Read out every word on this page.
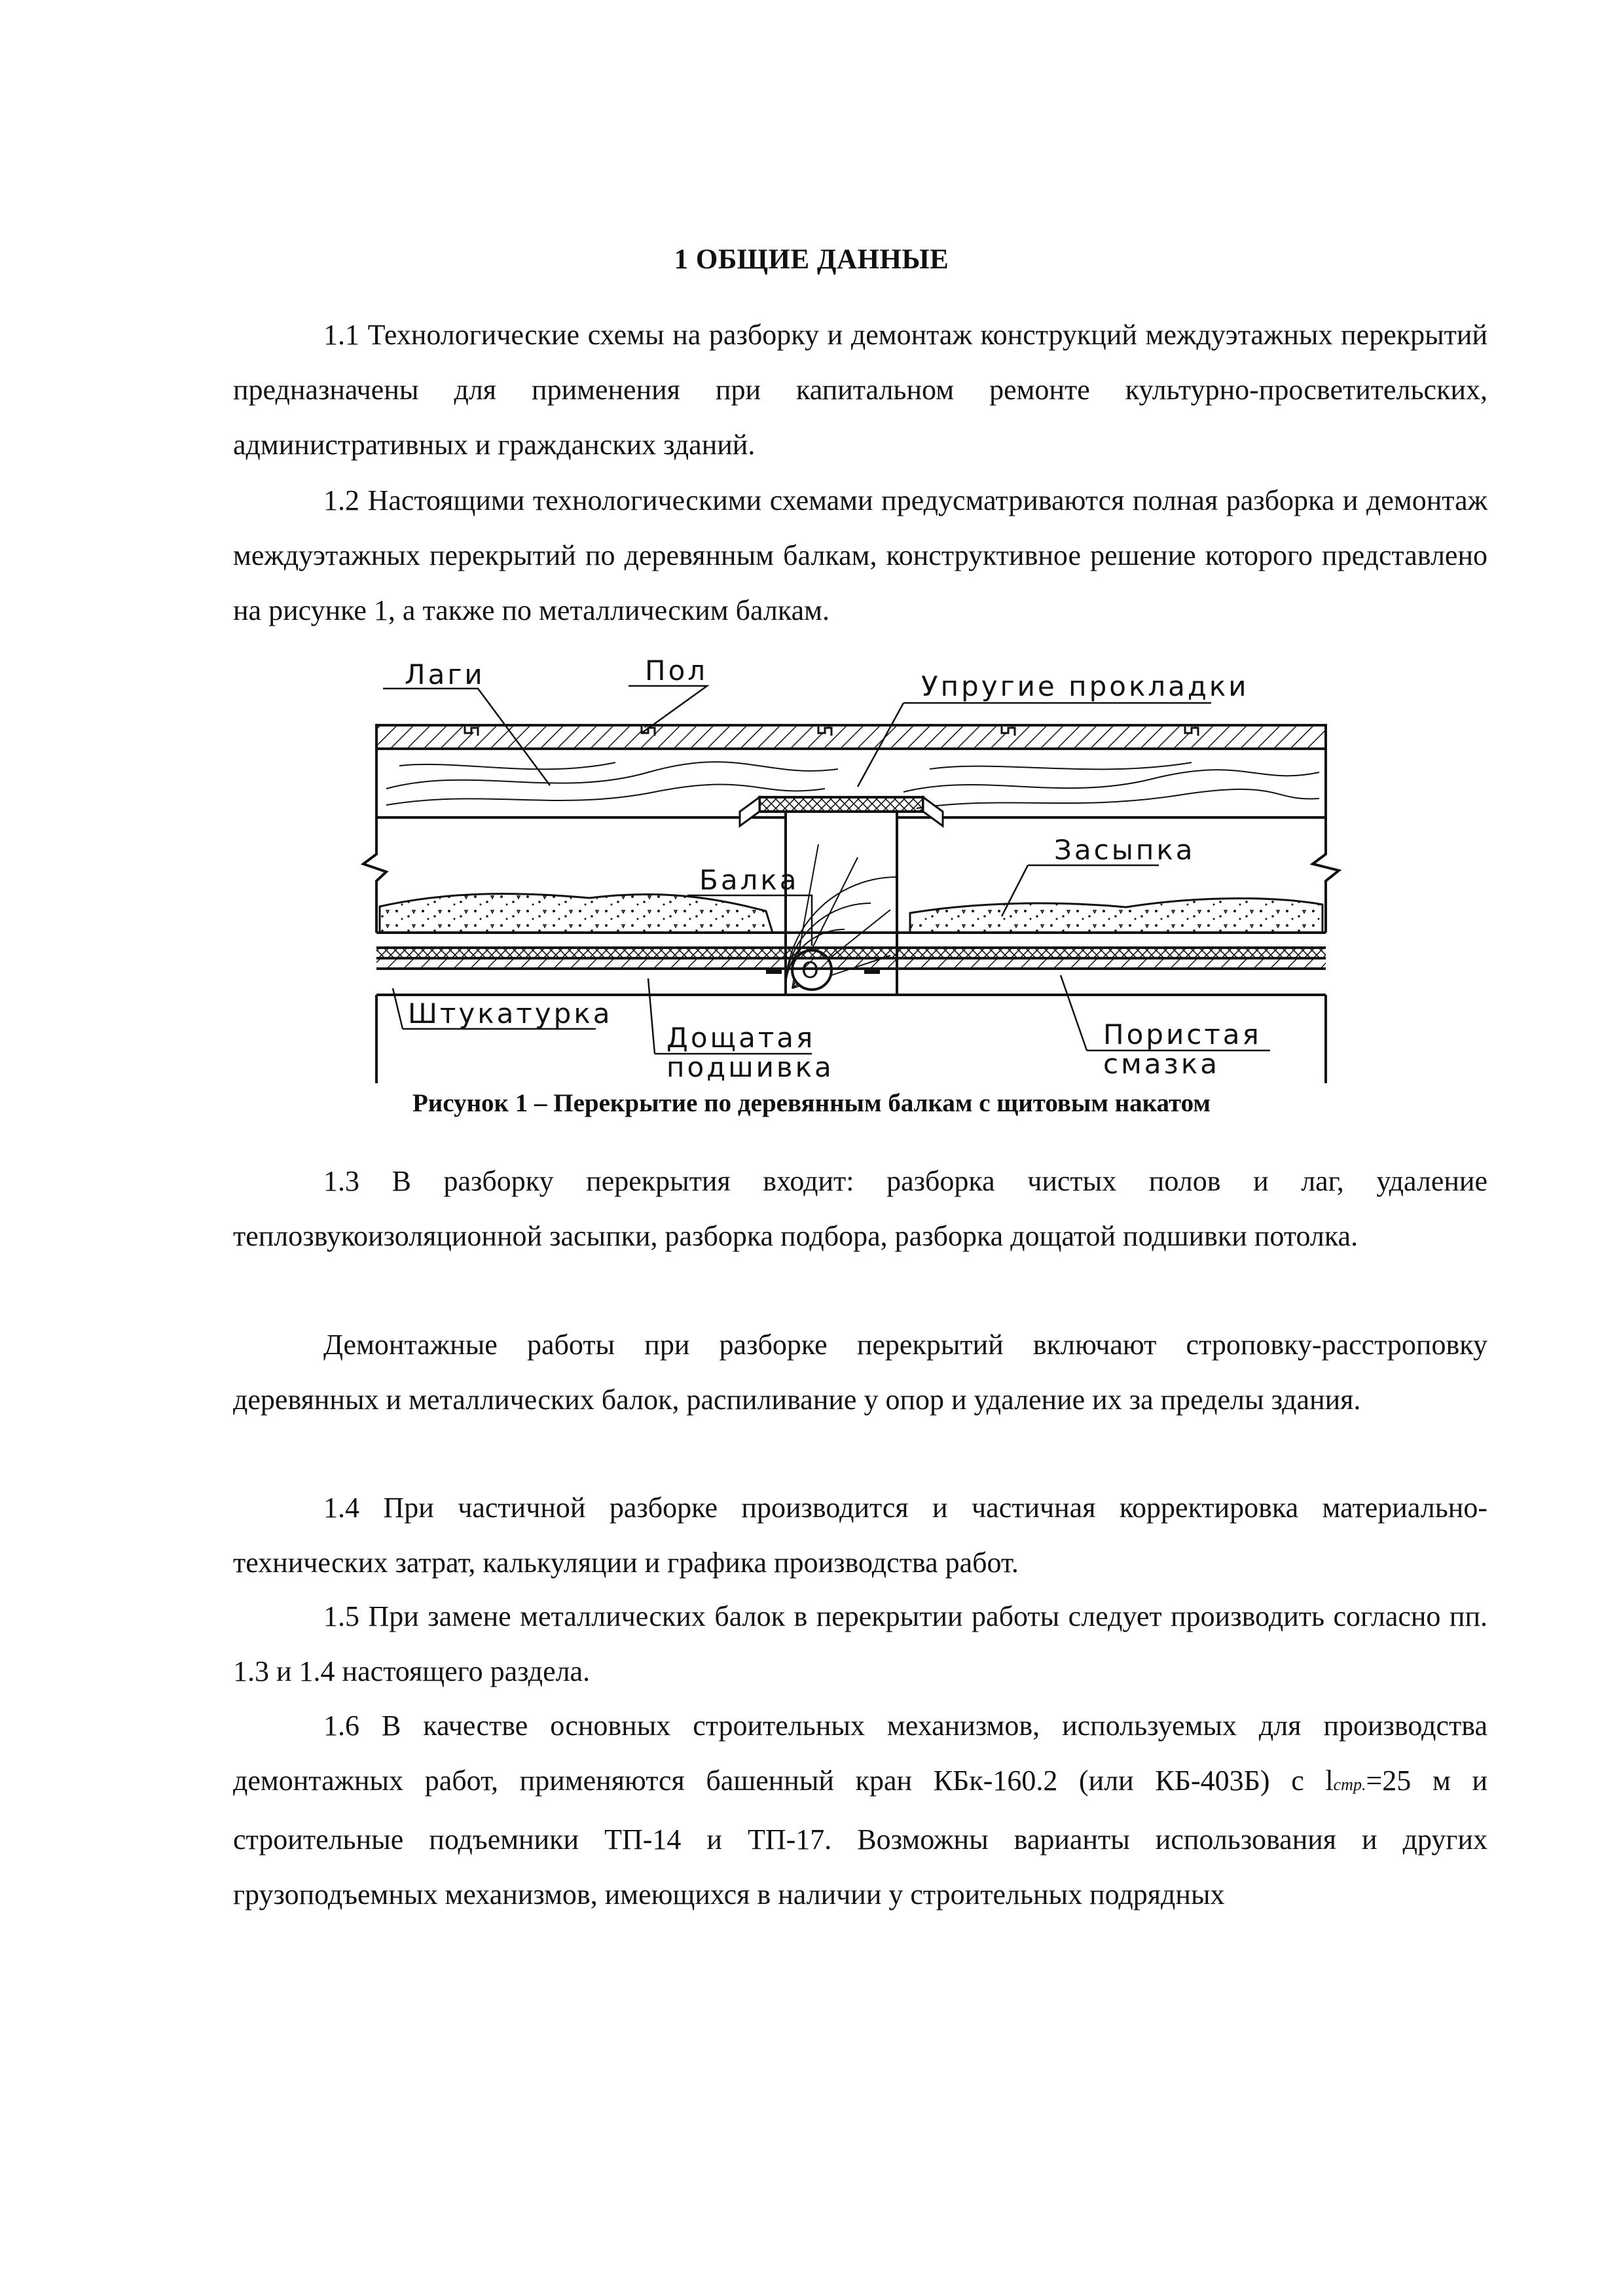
1 ОБЩИЕ ДАННЫЕ

1.1 Технологические схемы на разборку и демонтаж конструкций междуэтажных перекрытий предназначены для применения при капитальном ремонте культурно-просветительских, административных и гражданских зданий.

1.2 Настоящими технологическими схемами предусматриваются полная разборка и демонтаж междуэтажных перекрытий по деревянным балкам, конструктивное решение которого представлено на рисунке 1, а также по металлическим балкам.

Лаги	Пол	Упругие прокладки

Балка

Засыпка

Штукатурка

Дощатая

подшивка

Пористая

смазка

О

Рисунок 1 – Перекрытие по деревянным балкам с щитовым накатом

1.3 В разборку перекрытия входит: разборка чистых полов и лаг, удаление теплозвукоизоляционной засыпки, разборка подбора, разборка дощатой подшивки потолка.

Демонтажные работы при разборке перекрытий включают строповку-расстроповку деревянных и металлических балок, распиливание у опор и удаление их за пределы здания.

1.4 При частичной разборке производится и частичная корректировка материально-технических затрат, калькуляции и графика производства работ.

1.5 При замене металлических балок в перекрытии работы следует производить согласно пп. 1.3 и 1.4 настоящего раздела.

1.6 В качестве основных строительных механизмов, используемых для производства демонтажных работ, применяются башенный кран КБк-160.2 (или КБ-403Б) с lстр.=25 м и строительные подъемники ТП-14 и ТП-17. Возможны варианты использования и других грузоподъемных механизмов, имеющихся в наличии у строительных подрядных
